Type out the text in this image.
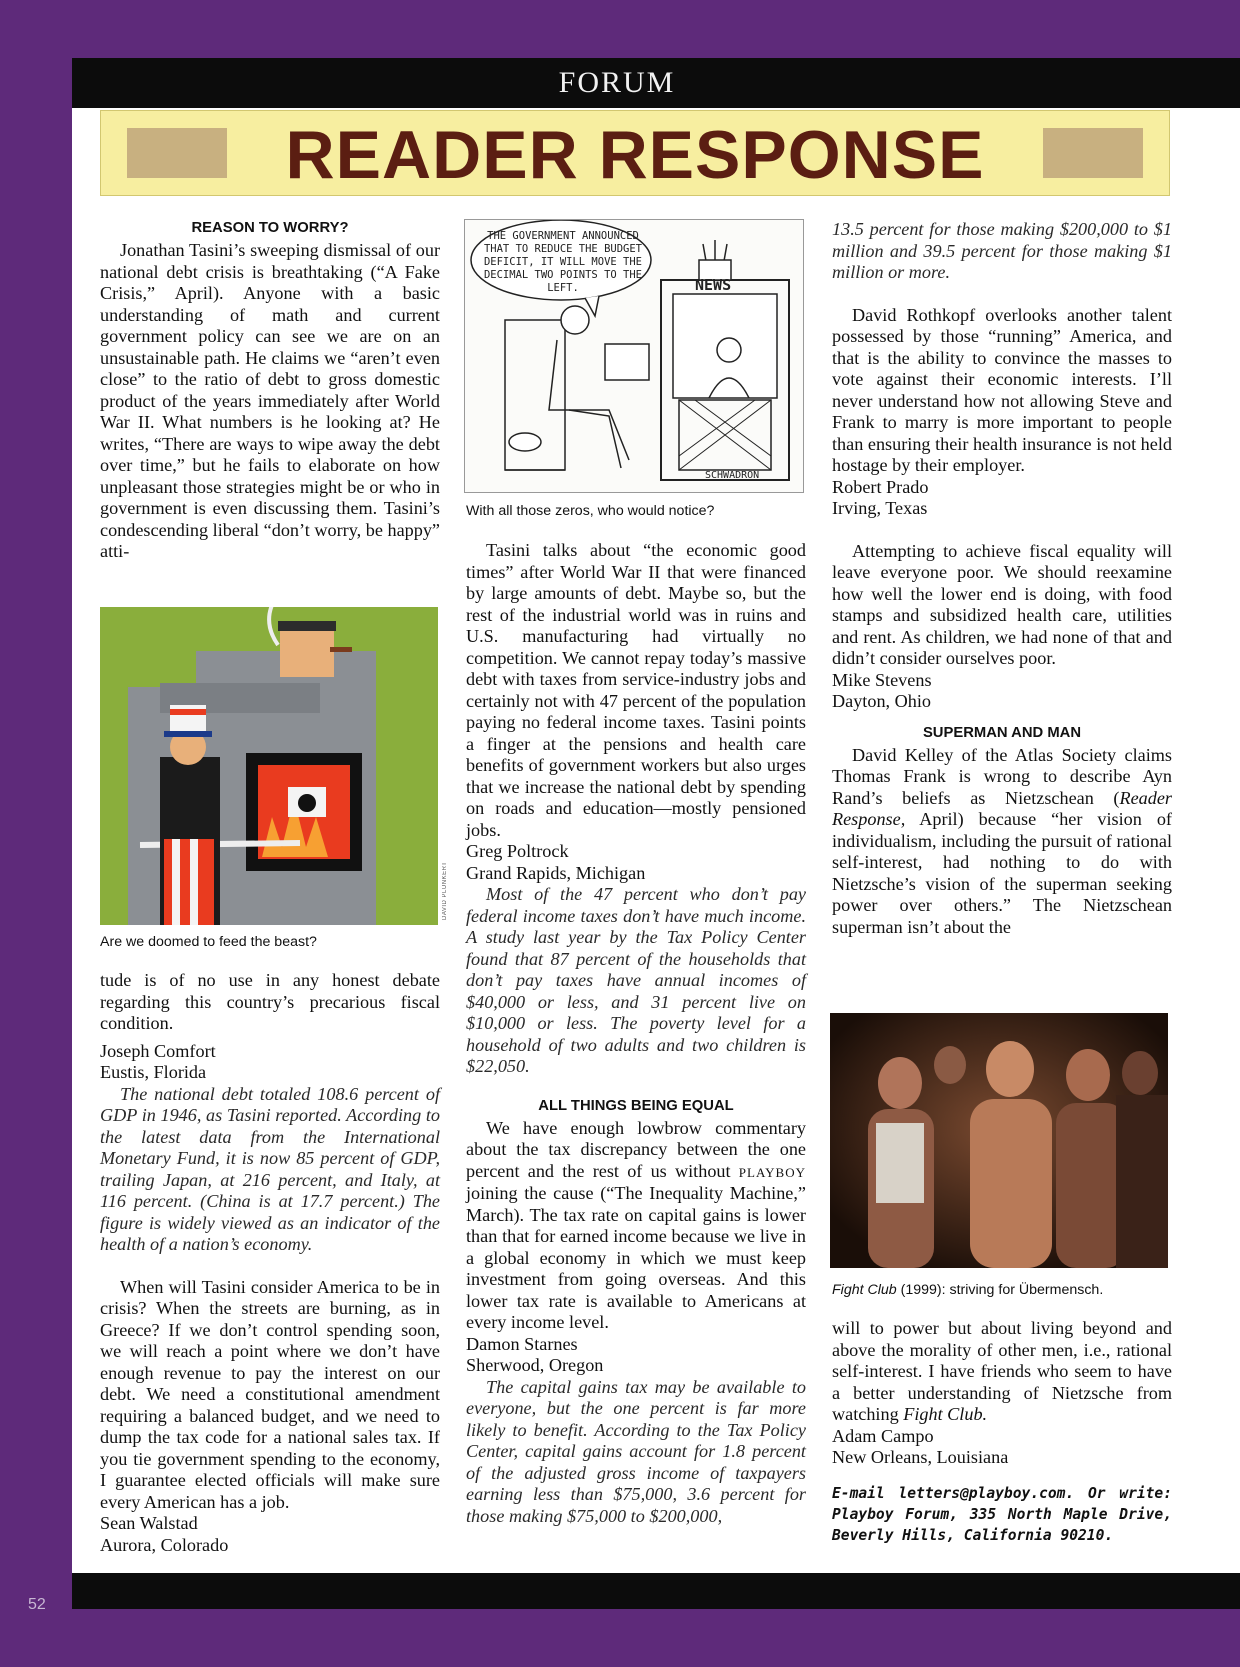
FORUM
52
READER RESPONSE
REASON TO WORRY?

Jonathan Tasini’s sweeping dismissal of our national debt crisis is breathtaking (“A Fake Crisis,” April). Anyone with a basic understanding of math and current government policy can see we are on an unsustainable path. He claims we “aren’t even close” to the ratio of debt to gross domestic product of the years immediately after World War II. What numbers is he looking at? He writes, “There are ways to wipe away the debt over time,” but he fails to elaborate on how unpleasant those strategies might be or who in government is even discussing them. Tasini’s condescending liberal “don’t worry, be happy” atti-

DAVID PLUNKERT
Are we doomed to feed the beast?

tude is of no use in any honest debate regarding this country’s precarious fiscal condition.

Joseph Comfort

Eustis, Florida

The national debt totaled 108.6 percent of GDP in 1946, as Tasini reported. According to the latest data from the International Monetary Fund, it is now 85 percent of GDP, trailing Japan, at 216 percent, and Italy, at 116 percent. (China is at 17.7 percent.) The figure is widely viewed as an indicator of the health of a nation’s economy.

When will Tasini consider America to be in crisis? When the streets are burning, as in Greece? If we don’t control spending soon, we will reach a point where we don’t have enough revenue to pay the interest on our debt. We need a constitutional amendment requiring a balanced budget, and we need to dump the tax code for a national sales tax. If you tie government spending to the economy, I guarantee elected officials will make sure every American has a job.

Sean Walstad

Aurora, Colorado

THE GOVERNMENT ANNOUNCED THAT TO REDUCE THE BUDGET DEFICIT, IT WILL MOVE THE DECIMAL TWO POINTS TO THE LEFT.	NEWS
SCHWADRON
With all those zeros, who would notice?

Tasini talks about “the economic good times” after World War II that were financed by large amounts of debt. Maybe so, but the rest of the industrial world was in ruins and U.S. manufacturing had virtually no competition. We cannot repay today’s massive debt with taxes from service-industry jobs and certainly not with 47 percent of the population paying no federal income taxes. Tasini points a finger at the pensions and health care benefits of government workers but also urges that we increase the national debt by spending on roads and education—mostly pensioned jobs.

Greg Poltrock

Grand Rapids, Michigan

Most of the 47 percent who don’t pay federal income taxes don’t have much income. A study last year by the Tax Policy Center found that 87 percent of the households that don’t pay taxes have annual incomes of $40,000 or less, and 31 percent live on $10,000 or less. The poverty level for a household of two adults and two children is $22,050.

ALL THINGS BEING EQUAL

We have enough lowbrow commentary about the tax discrepancy between the one percent and the rest of us without PLAYBOY joining the cause (“The Inequality Machine,” March). The tax rate on capital gains is lower than that for earned income because we live in a global economy in which we must keep investment from going overseas. And this lower tax rate is available to Americans at every income level.

Damon Starnes

Sherwood, Oregon

The capital gains tax may be available to everyone, but the one percent is far more likely to benefit. According to the Tax Policy Center, capital gains account for 1.8 percent of the adjusted gross income of taxpayers earning less than $75,000, 3.6 percent for those making $75,000 to $200,000,

13.5 percent for those making $200,000 to $1 million and 39.5 percent for those making $1 million or more.

David Rothkopf overlooks another talent possessed by those “running” America, and that is the ability to convince the masses to vote against their economic interests. I’ll never understand how not allowing Steve and Frank to marry is more important to people than ensuring their health insurance is not held hostage by their employer.

Robert Prado

Irving, Texas

Attempting to achieve fiscal equality will leave everyone poor. We should reexamine how well the lower end is doing, with food stamps and subsidized health care, utilities and rent. As children, we had none of that and didn’t consider ourselves poor.

Mike Stevens

Dayton, Ohio

SUPERMAN AND MAN

David Kelley of the Atlas Society claims Thomas Frank is wrong to describe Ayn Rand’s beliefs as Nietzschean (Reader Response, April) because “her vision of individualism, including the pursuit of rational self-interest, had nothing to do with Nietzsche’s vision of the superman seeking power over others.” The Nietzschean superman isn’t about the

Fight Club (1999): striving for Übermensch.

will to power but about living beyond and above the morality of other men, i.e., rational self-interest. I have friends who seem to have a better understanding of Nietzsche from watching Fight Club.

Adam Campo

New Orleans, Louisiana

E-mail letters@playboy.com. Or write: Playboy Forum, 335 North Maple Drive, Beverly Hills, California 90210.
